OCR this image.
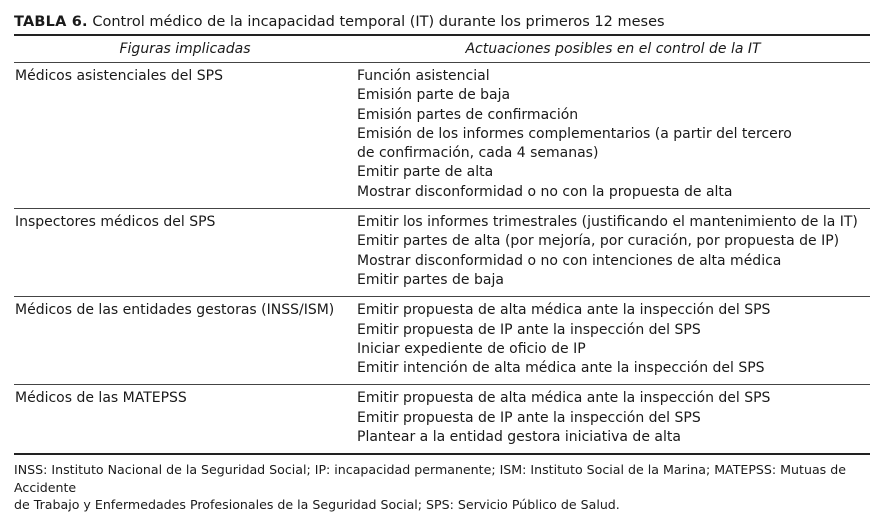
TABLA 6. Control médico de la incapacidad temporal (IT) durante los primeros 12 meses
Figuras implicadas	Actuaciones posibles en el control de la IT
Médicos asistenciales del SPS	Función asistencial
Emisión parte de baja
Emisión partes de confirmación
Emisión de los informes complementarios (a partir del tercero
de confirmación, cada 4 semanas)
Emitir parte de alta
Mostrar disconformidad o no con la propuesta de alta
Inspectores médicos del SPS	Emitir los informes trimestrales (justificando el mantenimiento de la IT)
Emitir partes de alta (por mejoría, por curación, por propuesta de IP)
Mostrar disconformidad o no con intenciones de alta médica
Emitir partes de baja
Médicos de las entidades gestoras (INSS/ISM)	Emitir propuesta de alta médica ante la inspección del SPS
Emitir propuesta de IP ante la inspección del SPS
Iniciar expediente de oficio de IP
Emitir intención de alta médica ante la inspección del SPS
Médicos de las MATEPSS	Emitir propuesta de alta médica ante la inspección del SPS
Emitir propuesta de IP ante la inspección del SPS
Plantear a la entidad gestora iniciativa de alta
INSS: Instituto Nacional de la Seguridad Social; IP: incapacidad permanente; ISM: Instituto Social de la Marina; MATEPSS: Mutuas de Accidente
de Trabajo y Enfermedades Profesionales de la Seguridad Social; SPS: Servicio Público de Salud.
